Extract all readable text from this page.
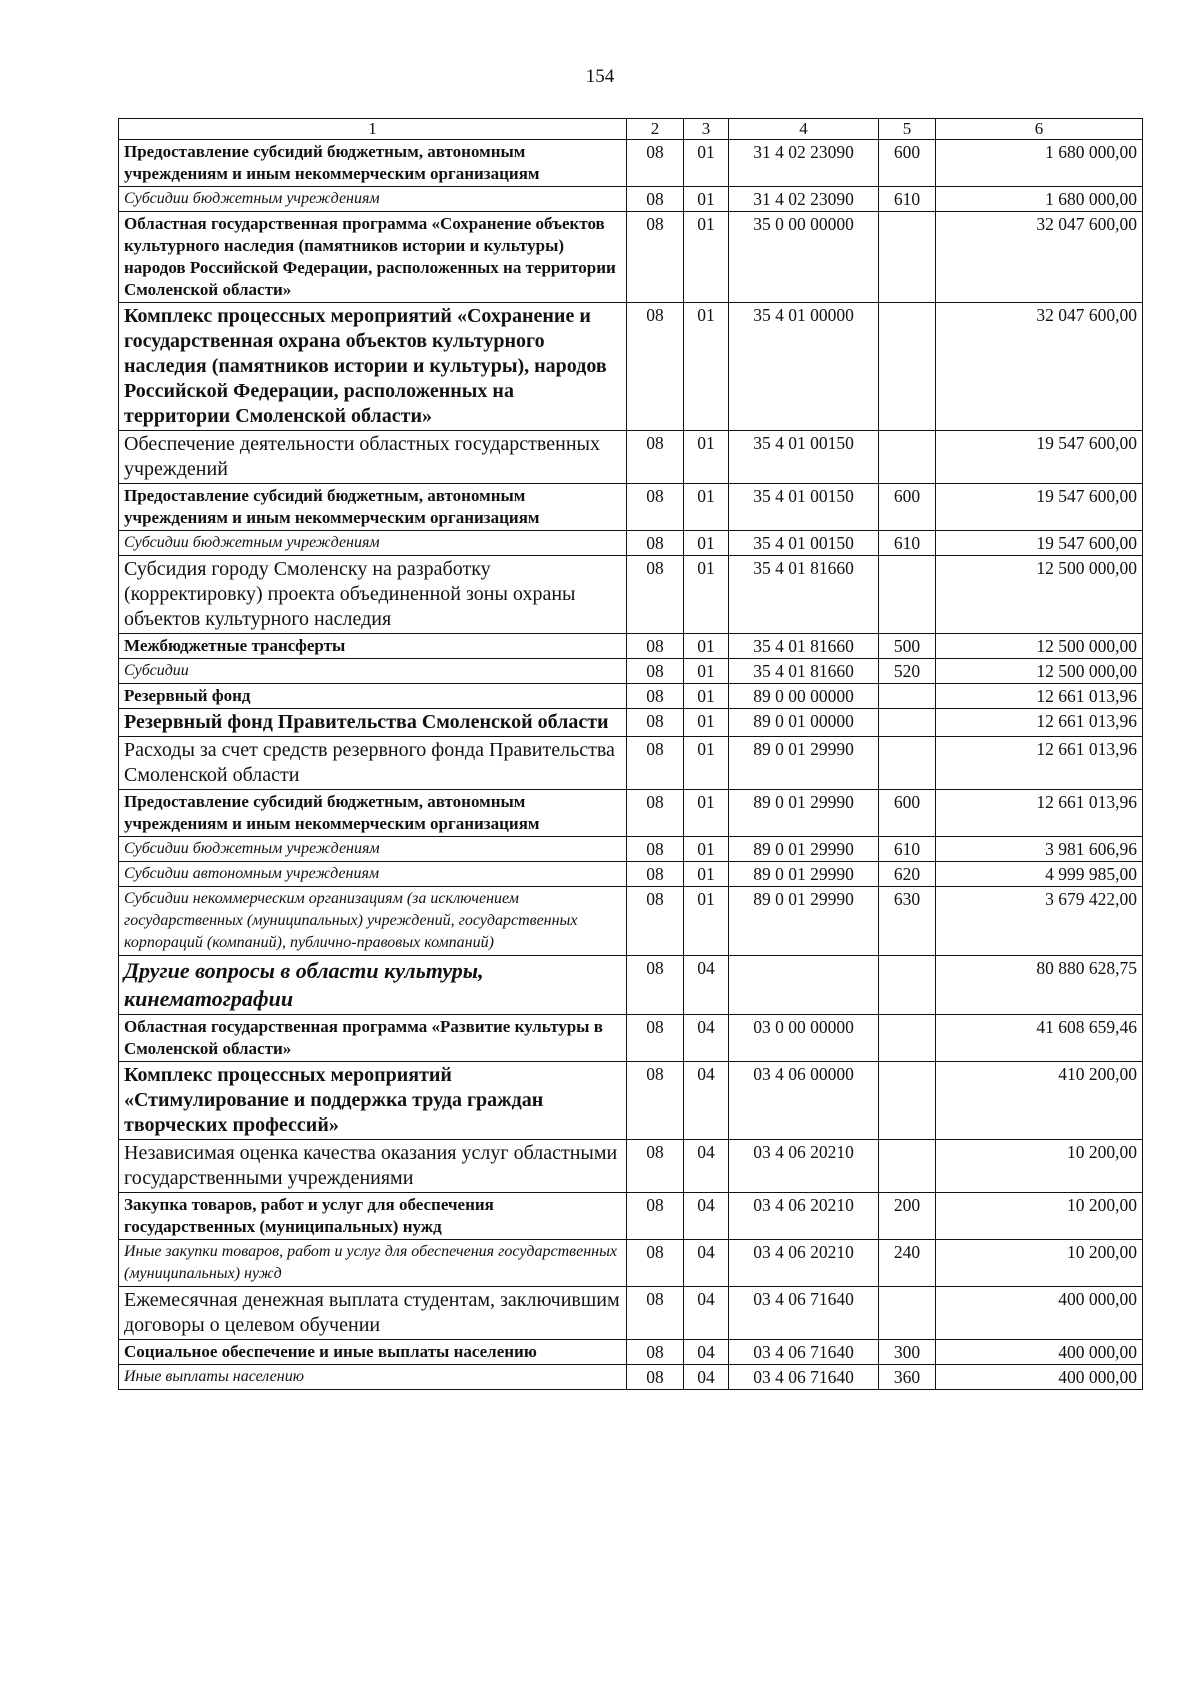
154
1	2	3	4	5	6
Предоставление субсидий бюджетным, автономным учреждениям и иным некоммерческим организациям	08	01	31 4 02 23090	600	1 680 000,00
Субсидии бюджетным учреждениям	08	01	31 4 02 23090	610	1 680 000,00
Областная государственная программа «Сохранение объектов культурного наследия (памятников истории и культуры) народов Российской Федерации, расположенных на территории Смоленской области»	08	01	35 0 00 00000		32 047 600,00
Комплекс процессных мероприятий «Сохранение и государственная охрана объектов культурного наследия (памятников истории и культуры), народов Российской Федерации, расположенных на территории Смоленской области»	08	01	35 4 01 00000		32 047 600,00
Обеспечение деятельности областных государственных учреждений	08	01	35 4 01 00150		19 547 600,00
Предоставление субсидий бюджетным, автономным учреждениям и иным некоммерческим организациям	08	01	35 4 01 00150	600	19 547 600,00
Субсидии бюджетным учреждениям	08	01	35 4 01 00150	610	19 547 600,00
Субсидия городу Смоленску на разработку (корректировку) проекта объединенной зоны охраны объектов культурного наследия	08	01	35 4 01 81660		12 500 000,00
Межбюджетные трансферты	08	01	35 4 01 81660	500	12 500 000,00
Субсидии	08	01	35 4 01 81660	520	12 500 000,00
Резервный фонд	08	01	89 0 00 00000		12 661 013,96
Резервный фонд Правительства Смоленской области	08	01	89 0 01 00000		12 661 013,96
Расходы за счет средств резервного фонда Правительства Смоленской области	08	01	89 0 01 29990		12 661 013,96
Предоставление субсидий бюджетным, автономным учреждениям и иным некоммерческим организациям	08	01	89 0 01 29990	600	12 661 013,96
Субсидии бюджетным учреждениям	08	01	89 0 01 29990	610	3 981 606,96
Субсидии автономным учреждениям	08	01	89 0 01 29990	620	4 999 985,00
Субсидии некоммерческим организациям (за исключением государственных (муниципальных) учреждений, государственных корпораций (компаний), публично-правовых компаний)	08	01	89 0 01 29990	630	3 679 422,00
Другие вопросы в области культуры, кинематографии	08	04			80 880 628,75
Областная государственная программа «Развитие культуры в Смоленской области»	08	04	03 0 00 00000		41 608 659,46
Комплекс процессных мероприятий «Стимулирование и поддержка труда граждан творческих профессий»	08	04	03 4 06 00000		410 200,00
Независимая оценка качества оказания услуг областными государственными учреждениями	08	04	03 4 06 20210		10 200,00
Закупка товаров, работ и услуг для обеспечения государственных (муниципальных) нужд	08	04	03 4 06 20210	200	10 200,00
Иные закупки товаров, работ и услуг для обеспечения государственных (муниципальных) нужд	08	04	03 4 06 20210	240	10 200,00
Ежемесячная денежная выплата студентам, заключившим договоры о целевом обучении	08	04	03 4 06 71640		400 000,00
Социальное обеспечение и иные выплаты населению	08	04	03 4 06 71640	300	400 000,00
Иные выплаты населению	08	04	03 4 06 71640	360	400 000,00
